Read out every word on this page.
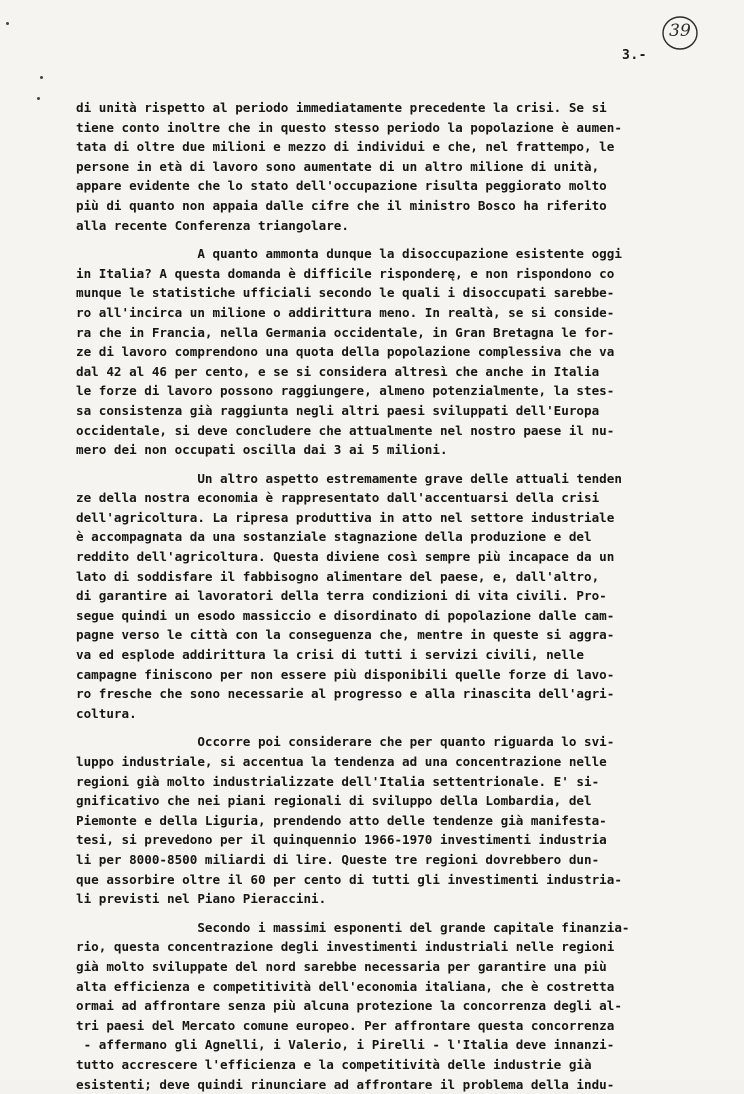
39
3.-
di unità rispetto al periodo immediatamente precedente la crisi. Se si
tiene conto inoltre che in questo stesso periodo la popolazione è aumen-
tata di oltre due milioni e mezzo di individui e che, nel frattempo, le
persone in età di lavoro sono aumentate di un altro milione di unità,
appare evidente che lo stato dell'occupazione risulta peggiorato molto
più di quanto non appaia dalle cifre che il ministro Bosco ha riferito
alla recente Conferenza triangolare.
A quanto ammonta dunque la disoccupazione esistente oggi
in Italia? A questa domanda è difficile risponderę, e non rispondono co
munque le statistiche ufficiali secondo le quali i disoccupati sarebbe-
ro all'incirca un milione o addirittura meno. In realtà, se si conside-
ra che in Francia, nella Germania occidentale, in Gran Bretagna le for-
ze di lavoro comprendono una quota della popolazione complessiva che va
dal 42 al 46 per cento, e se si considera altresì che anche in Italia
le forze di lavoro possono raggiungere, almeno potenzialmente, la stes-
sa consistenza già raggiunta negli altri paesi sviluppati dell'Europa
occidentale, si deve concludere che attualmente nel nostro paese il nu-
mero dei non occupati oscilla dai 3 ai 5 milioni.
Un altro aspetto estremamente grave delle attuali tenden
ze della nostra economia è rappresentato dall'accentuarsi della crisi
dell'agricoltura. La ripresa produttiva in atto nel settore industriale
è accompagnata da una sostanziale stagnazione della produzione e del
reddito dell'agricoltura. Questa diviene così sempre più incapace da un
lato di soddisfare il fabbisogno alimentare del paese, e, dall'altro,
di garantire ai lavoratori della terra condizioni di vita civili. Pro-
segue quindi un esodo massiccio e disordinato di popolazione dalle cam-
pagne verso le città con la conseguenza che, mentre in queste si aggra-
va ed esplode addirittura la crisi di tutti i servizi civili, nelle
campagne finiscono per non essere più disponibili quelle forze di lavo-
ro fresche che sono necessarie al progresso e alla rinascita dell'agri-
coltura.
Occorre poi considerare che per quanto riguarda lo svi-
luppo industriale, si accentua la tendenza ad una concentrazione nelle
regioni già molto industrializzate dell'Italia settentrionale. E' si-
gnificativo che nei piani regionali di sviluppo della Lombardia, del
Piemonte e della Liguria, prendendo atto delle tendenze già manifesta-
tesi, si prevedono per il quinquennio 1966-1970 investimenti industria
li per 8000-8500 miliardi di lire. Queste tre regioni dovrebbero dun-
que assorbire oltre il 60 per cento di tutti gli investimenti industria-
li previsti nel Piano Pieraccini.
Secondo i massimi esponenti del grande capitale finanzia-
rio, questa concentrazione degli investimenti industriali nelle regioni
già molto sviluppate del nord sarebbe necessaria per garantire una più
alta efficienza e competitività dell'economia italiana, che è costretta
ormai ad affrontare senza più alcuna protezione la concorrenza degli al-
tri paesi del Mercato comune europeo. Per affrontare questa concorrenza
- affermano gli Agnelli, i Valerio, i Pirelli - l'Italia deve innanzi-
tutto accrescere l'efficienza e la competitività delle industrie già
esistenti; deve quindi rinunciare ad affrontare il problema della indu-
